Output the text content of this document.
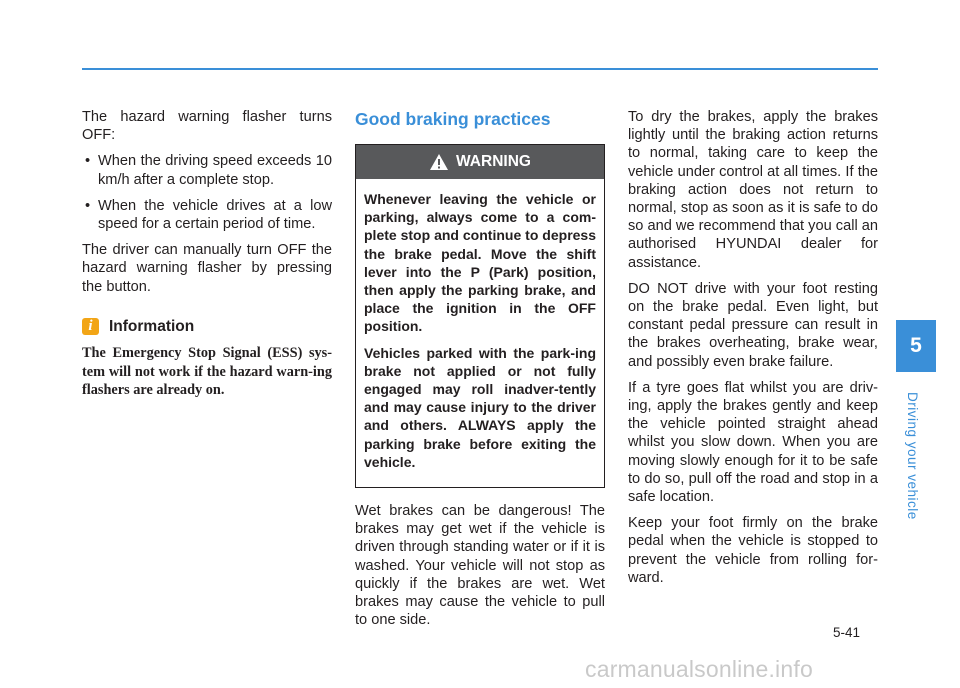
The hazard warning flasher turns OFF:

• When the driving speed exceeds 10 km/h after a complete stop.
• When the vehicle drives at a low speed for a certain period of time.

The driver can manually turn OFF the hazard warning flasher by pressing the button.

i	Information

The Emergency Stop Signal (ESS) sys-tem will not work if the hazard warn-ing flashers are already on.

Good braking practices
WARNING

Whenever leaving the vehicle or parking, always come to a com-plete stop and continue to depress the brake pedal. Move the shift lever into the P (Park) position, then apply the parking brake, and place the ignition in the OFF position.

Vehicles parked with the park-ing brake not applied or not fully engaged may roll inadver-tently and may cause injury to the driver and others. ALWAYS apply the parking brake before exiting the vehicle.

Wet brakes can be dangerous! The brakes may get wet if the vehicle is driven through standing water or if it is washed. Your vehicle will not stop as quickly if the brakes are wet. Wet brakes may cause the vehicle to pull to one side.

To dry the brakes, apply the brakes lightly until the braking action returns to normal, taking care to keep the vehicle under control at all times. If the braking action does not return to normal, stop as soon as it is safe to do so and we recommend that you call an authorised HYUNDAI dealer for assistance.

DO NOT drive with your foot resting on the brake pedal. Even light, but constant pedal pressure can result in the brakes overheating, brake wear, and possibly even brake failure.

If a tyre goes flat whilst you are driv-ing, apply the brakes gently and keep the vehicle pointed straight ahead whilst you slow down. When you are moving slowly enough for it to be safe to do so, pull off the road and stop in a safe location.

Keep your foot firmly on the brake pedal when the vehicle is stopped to prevent the vehicle from rolling for-ward.

5
Driving your vehicle
5-41
carmanualsonline.info
